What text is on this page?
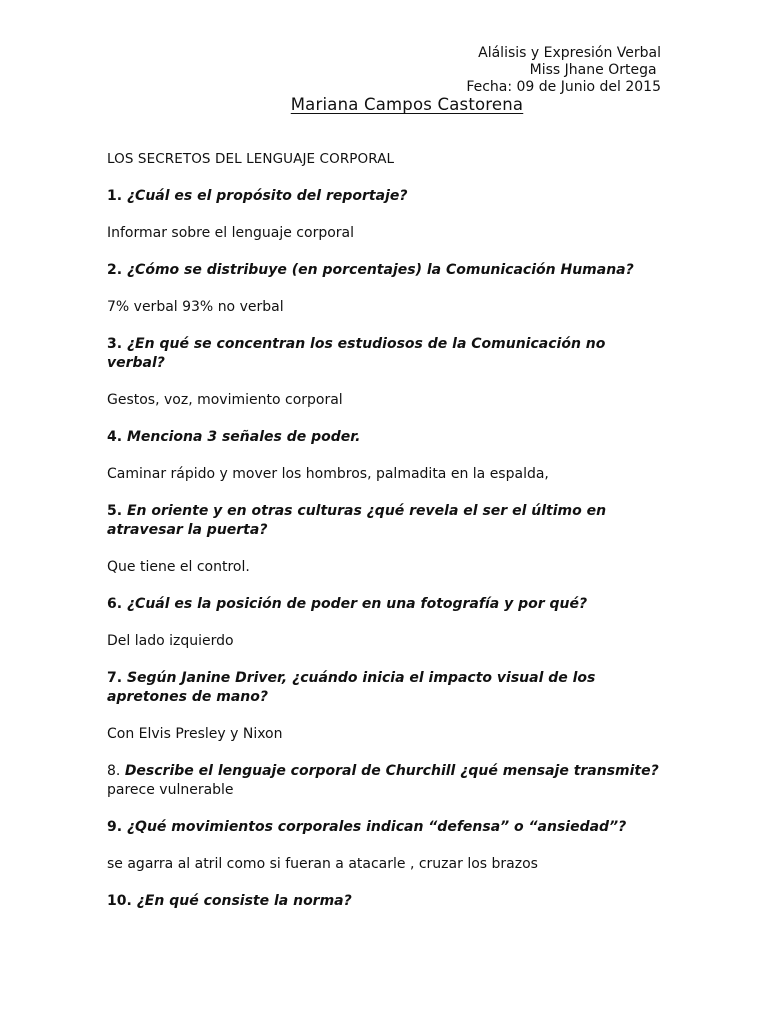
Alálisis y Expresión Verbal
Miss Jhane Ortega
Fecha: 09 de Junio del 2015
Mariana Campos Castorena

LOS SECRETOS DEL LENGUAJE CORPORAL

1. ¿Cuál es el propósito del reportaje?

Informar sobre el lenguaje corporal

2. ¿Cómo se distribuye (en porcentajes) la Comunicación Humana?

7% verbal 93% no verbal

3. ¿En qué se concentran los estudiosos de la Comunicación no verbal?

Gestos, voz, movimiento corporal

4. Menciona 3 señales de poder.

Caminar rápido y mover los hombros, palmadita en la espalda,

5. En oriente y en otras culturas ¿qué revela el ser el último en atravesar la puerta?

Que tiene el control.

6. ¿Cuál es la posición de poder en una fotografía y por qué?

Del lado izquierdo

7. Según Janine Driver, ¿cuándo inicia el impacto visual de los apretones de mano?

Con Elvis Presley y Nixon

8. Describe el lenguaje corporal de Churchill ¿qué mensaje transmite?
parece vulnerable

9. ¿Qué movimientos corporales indican “defensa” o “ansiedad”?

se agarra al atril como si fueran a atacarle , cruzar los brazos

10. ¿En qué consiste la norma?
